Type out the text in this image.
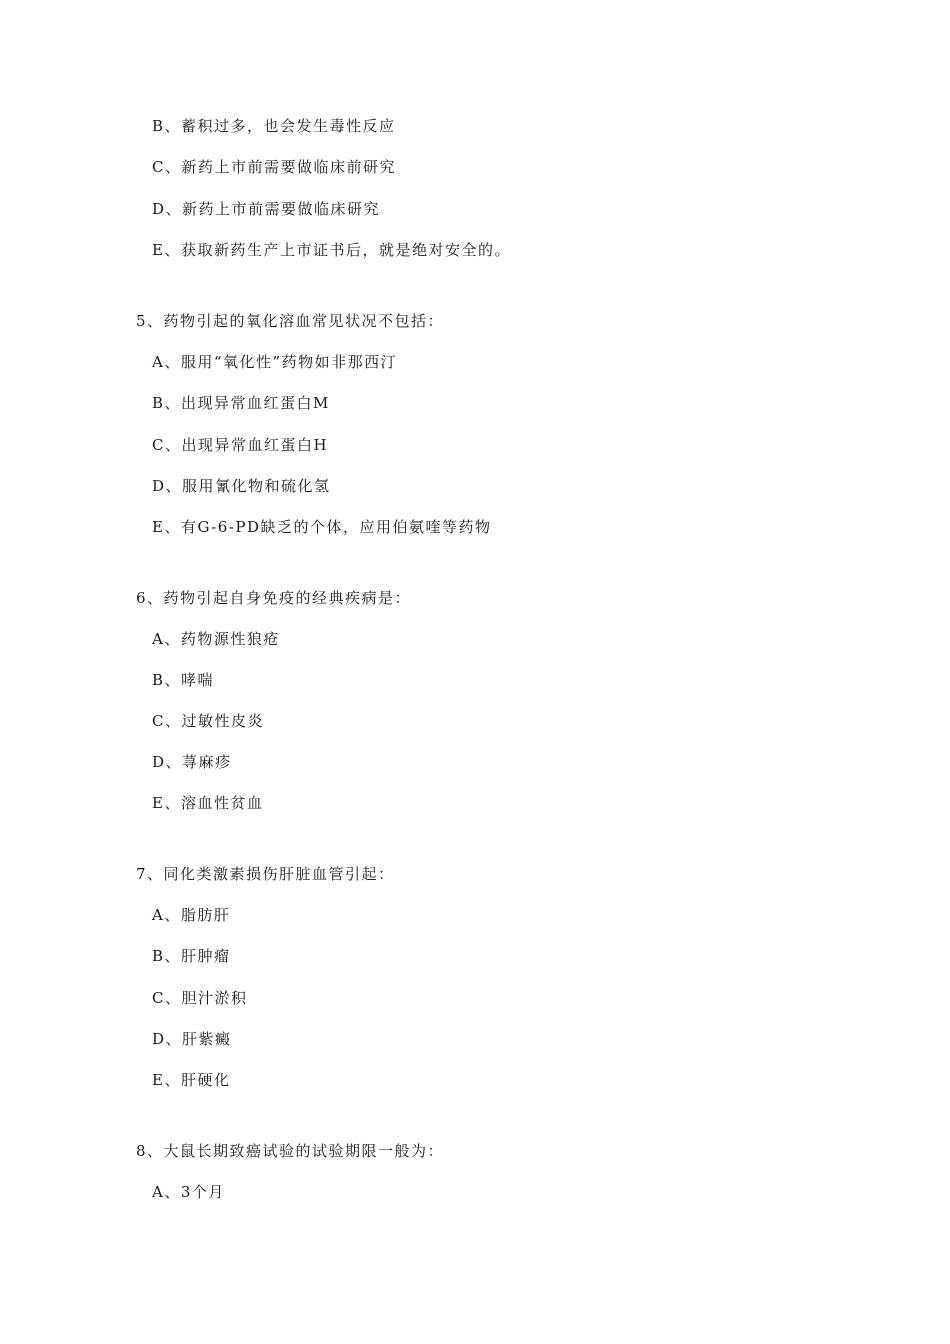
B、蓄积过多，也会发生毒性反应
C、新药上市前需要做临床前研究
D、新药上市前需要做临床研究
E、获取新药生产上市证书后，就是绝对安全的。
5、药物引起的氧化溶血常见状况不包括：
A、服用“氧化性”药物如非那西汀
B、出现异常血红蛋白M
C、出现异常血红蛋白H
D、服用氰化物和硫化氢
E、有G-6-PD缺乏的个体，应用伯氨喹等药物
6、药物引起自身免疫的经典疾病是：
A、药物源性狼疮
B、哮喘
C、过敏性皮炎
D、荨麻疹
E、溶血性贫血
7、同化类激素损伤肝脏血管引起：
A、脂肪肝
B、肝肿瘤
C、胆汁淤积
D、肝紫癜
E、肝硬化
8、大鼠长期致癌试验的试验期限一般为：
A、3个月
